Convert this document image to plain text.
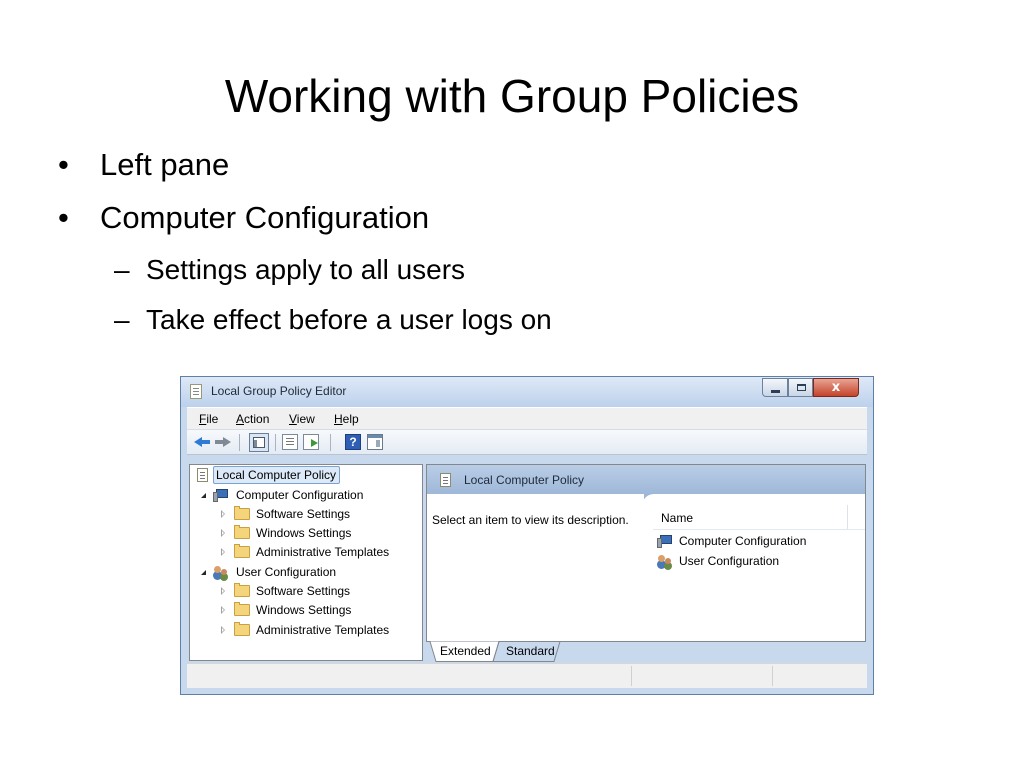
Working with Group Policies
• Left pane
• Computer Configuration
– Settings apply to all users
– Take effect before a user logs on
Local Group Policy Editor	x
File Action View Help
?
Local Computer Policy
Computer Configuration
Software Settings
Windows Settings
Administrative Templates
User Configuration
Software Settings
Windows Settings
Administrative Templates
Local Computer Policy
Select an item to view its description.	Name
Computer Configuration
User Configuration
Extended	Standard
